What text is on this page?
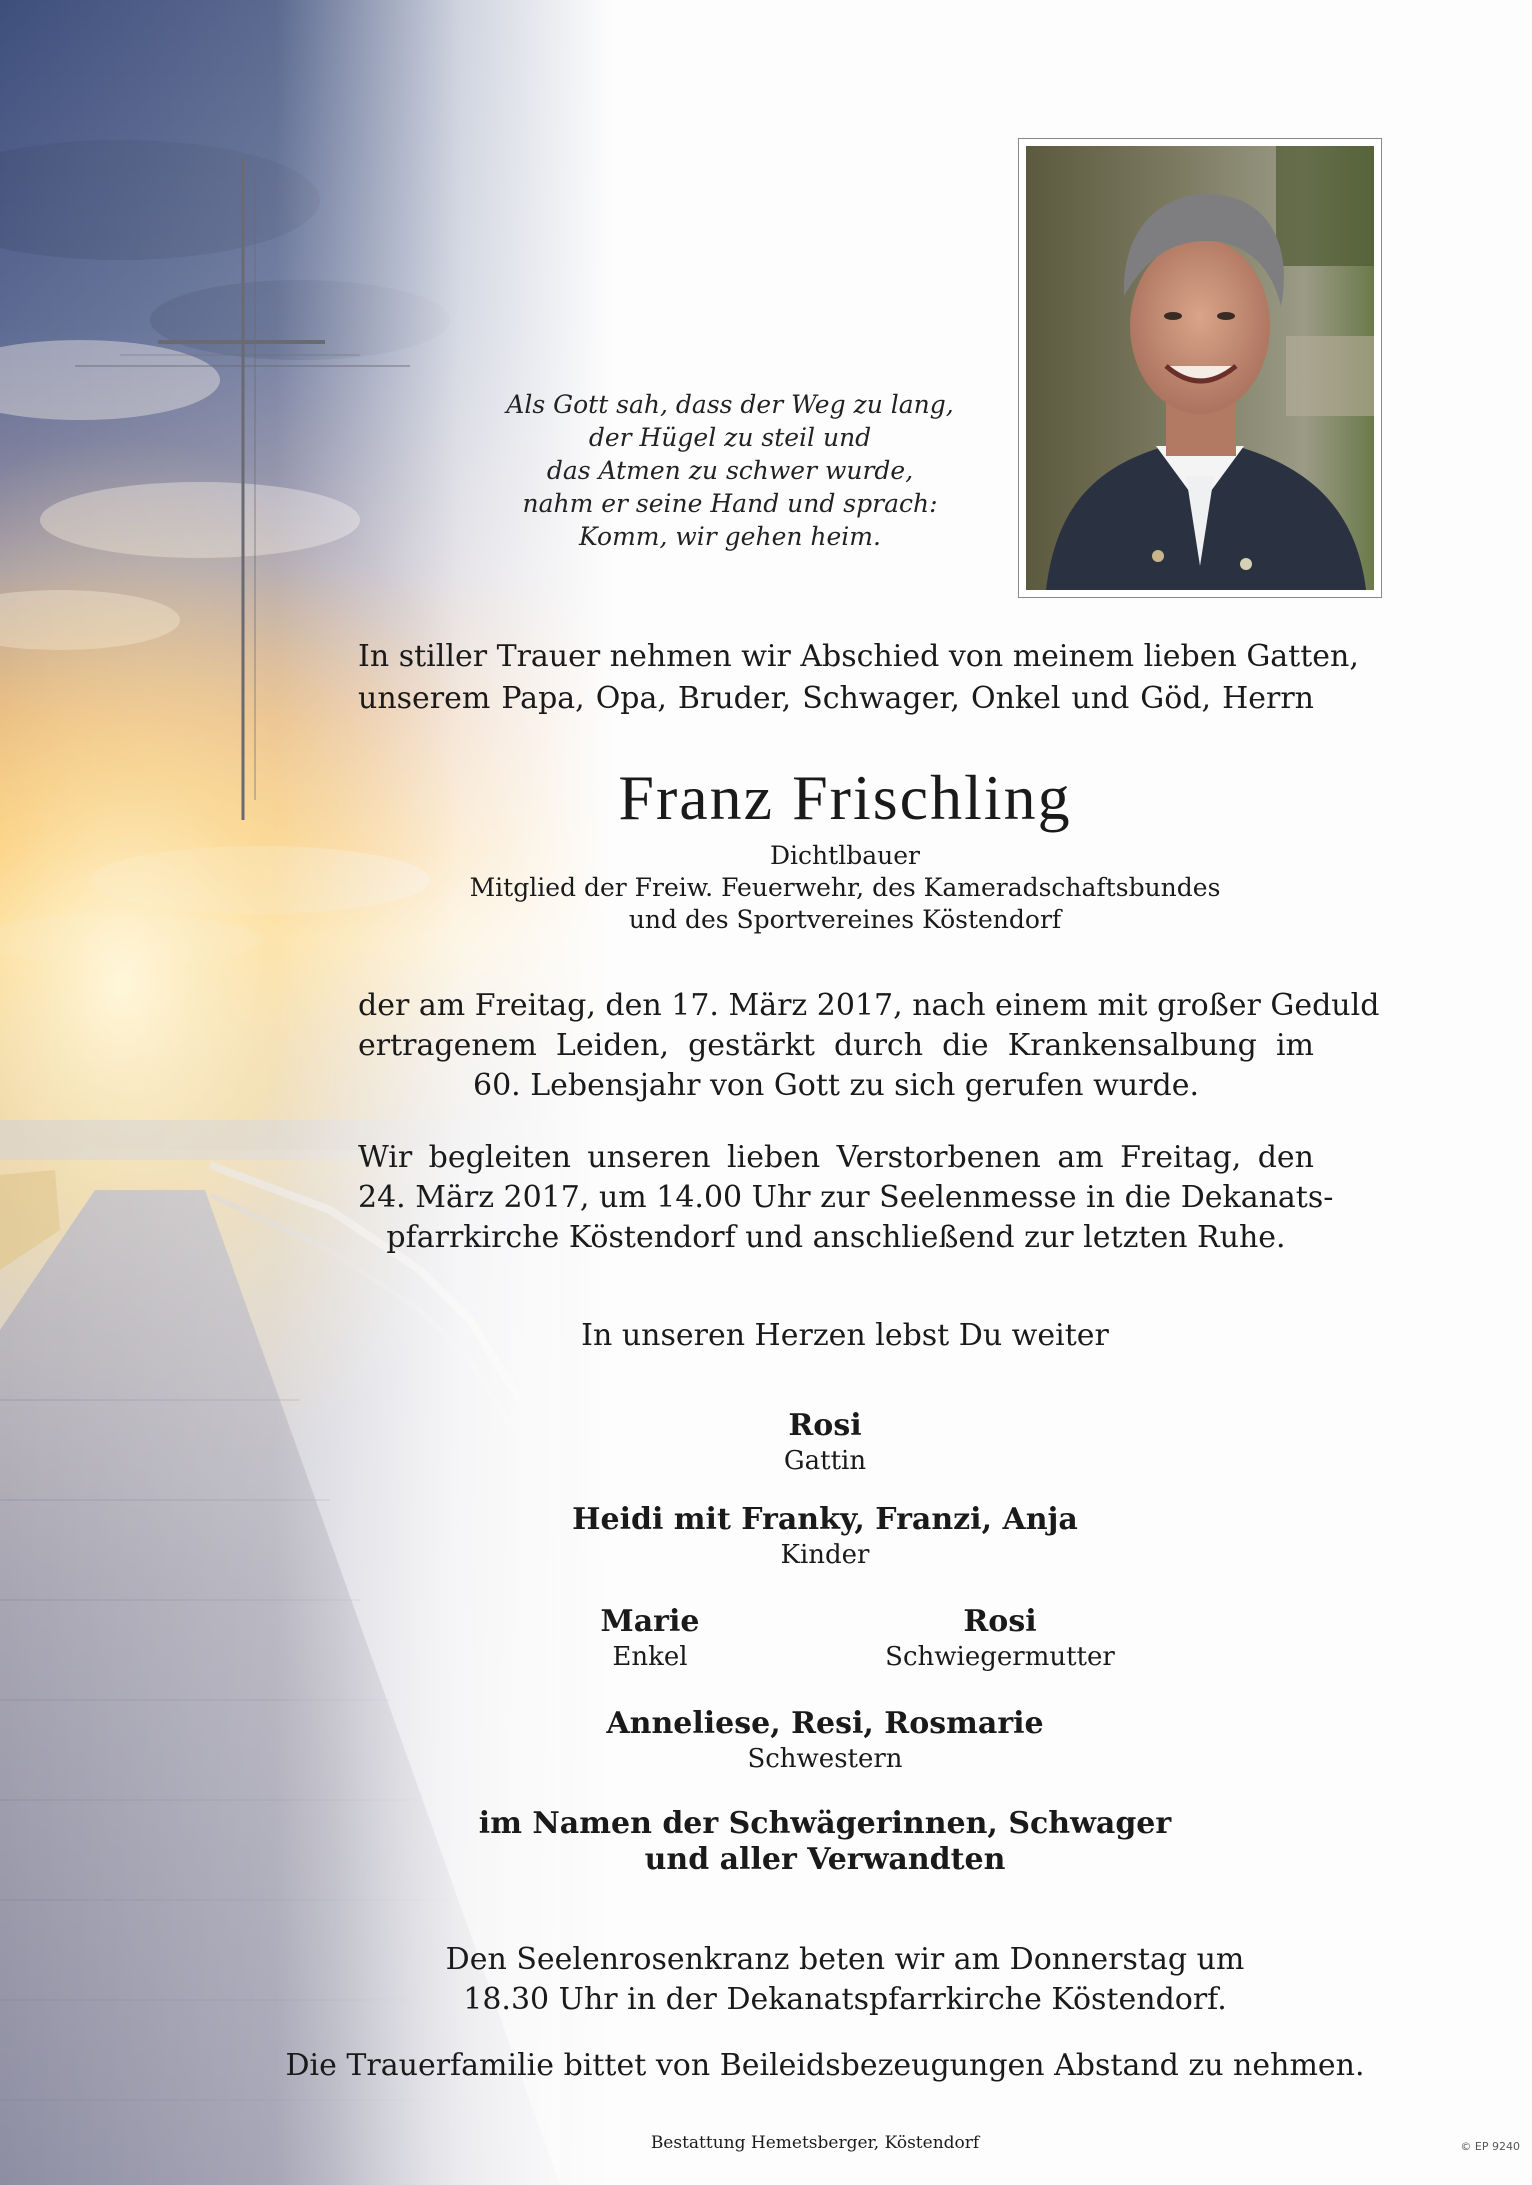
Als Gott sah, dass der Weg zu lang,
der Hügel zu steil und
das Atmen zu schwer wurde,
nahm er seine Hand und sprach:
Komm, wir gehen heim.
In stiller Trauer nehmen wir Abschied von meinem lieben Gatten,
unserem Papa, Opa, Bruder, Schwager, Onkel und Göd, Herrn
Franz Frischling
Dichtlbauer
Mitglied der Freiw. Feuerwehr, des Kameradschaftsbundes
und des Sportvereines Köstendorf
der am Freitag, den 17. März 2017, nach einem mit großer Geduld
ertragenem Leiden, gestärkt durch die Krankensalbung im
60. Lebensjahr von Gott zu sich gerufen wurde.
Wir begleiten unseren lieben Verstorbenen am Freitag, den
24. März 2017, um 14.00 Uhr zur Seelenmesse in die Dekanats-
pfarrkirche Köstendorf und anschließend zur letzten Ruhe.
In unseren Herzen lebst Du weiter
Rosi
Gattin
Heidi mit Franky, Franzi, Anja
Kinder
Marie
Enkel
Rosi
Schwiegermutter
Anneliese, Resi, Rosmarie
Schwestern
im Namen der Schwägerinnen, Schwager
und aller Verwandten
Den Seelenrosenkranz beten wir am Donnerstag um
18.30 Uhr in der Dekanatspfarrkirche Köstendorf.
Die Trauerfamilie bittet von Beileidsbezeugungen Abstand zu nehmen.
Bestattung Hemetsberger, Köstendorf	© EP 9240
